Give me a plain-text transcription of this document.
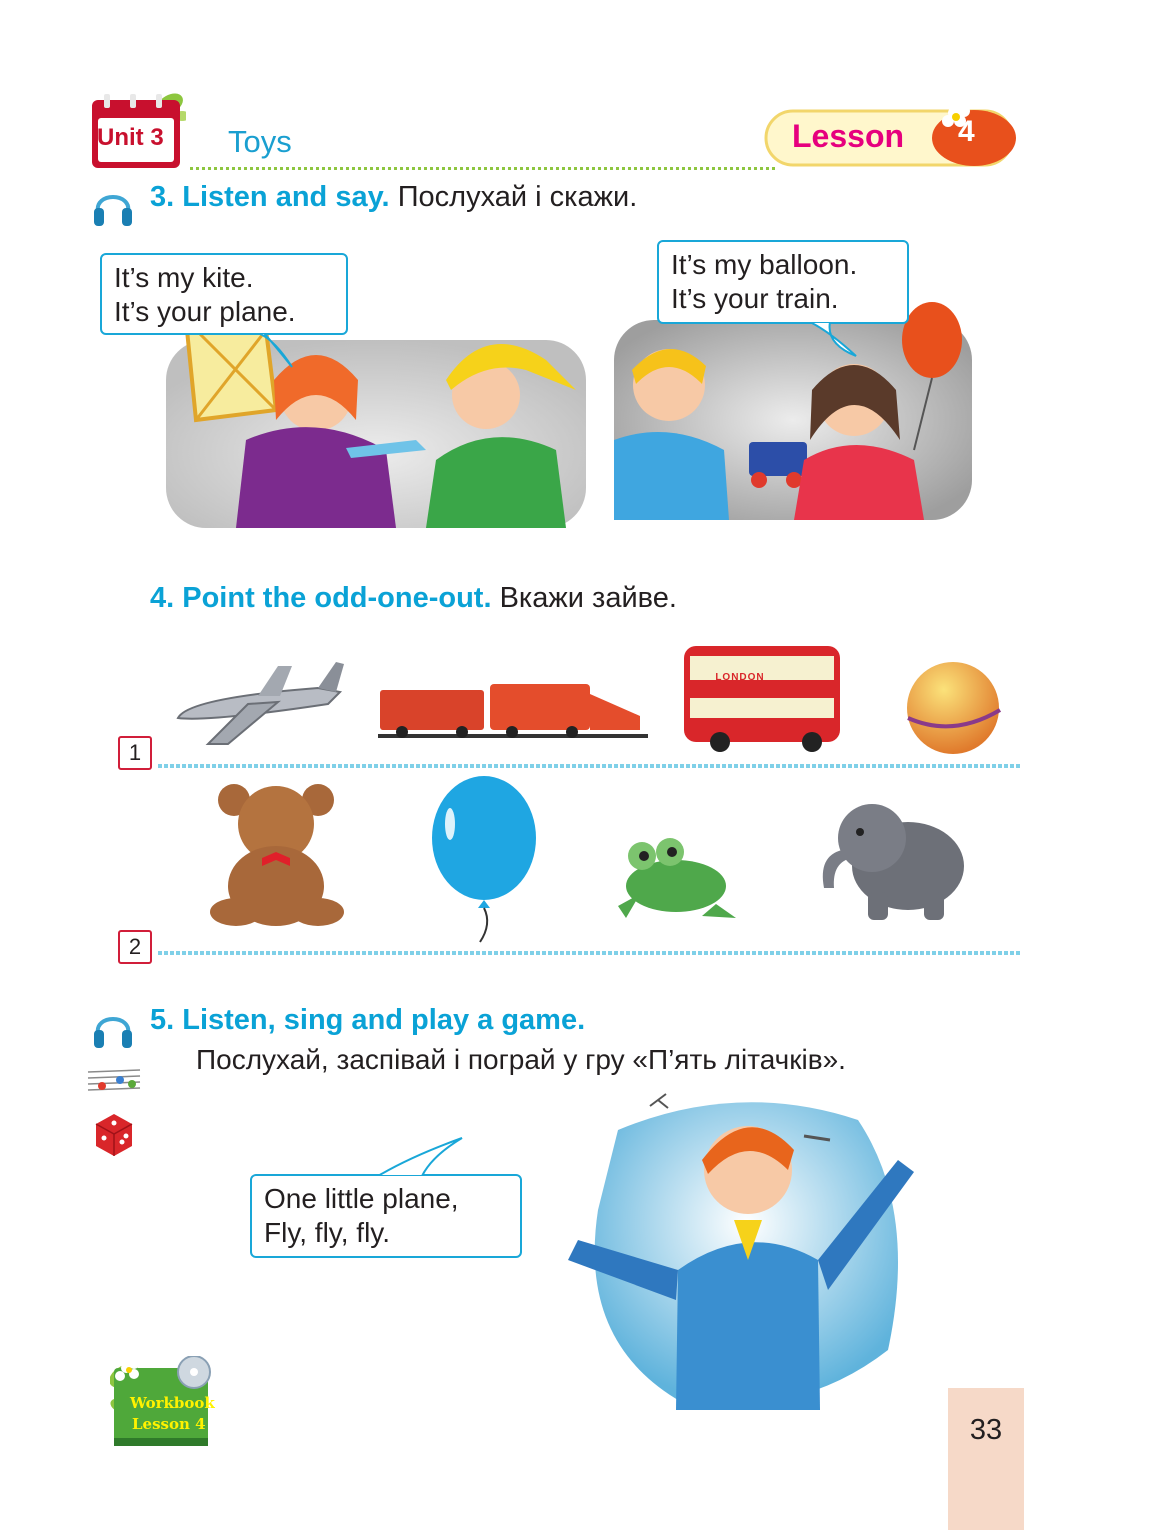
Unit 3 Toys	Lesson 4
3. Listen and say. Послухай і скажи.
It’s my kite.
It’s your plane.
It’s my balloon.
It’s your train.
4. Point the odd-one-out. Вкажи зайве.
LONDON
1
2
5. Listen, sing and play a game.
Послухай, заспівай і пограй у гру «П’ять літачків».
One little plane,
Fly, fly, fly.
Workbook
Lesson 4	33
